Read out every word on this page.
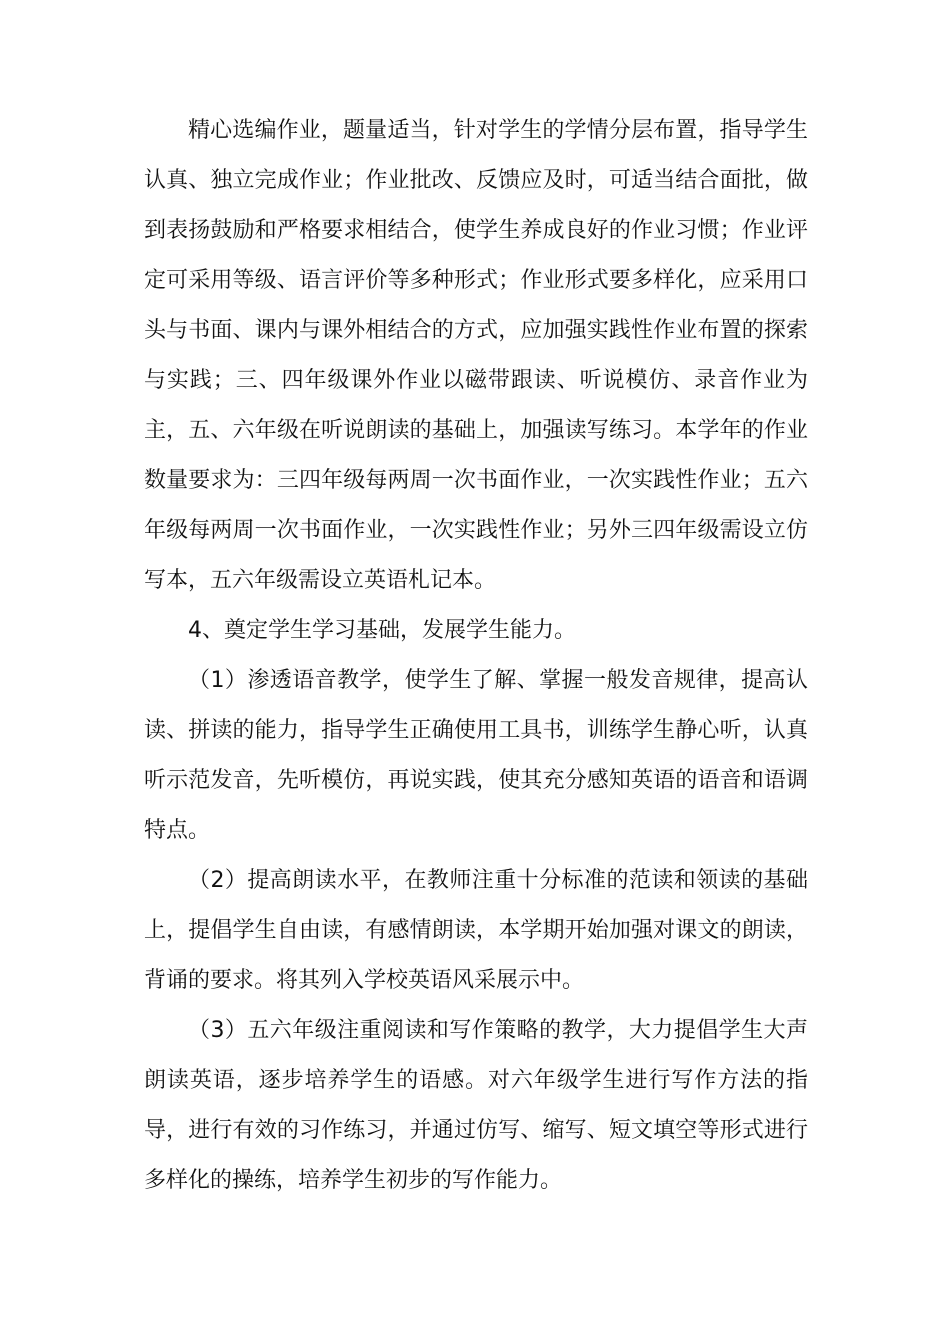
精心选编作业，题量适当，针对学生的学情分层布置，指导学生认真、独立完成作业；作业批改、反馈应及时，可适当结合面批，做到表扬鼓励和严格要求相结合，使学生养成良好的作业习惯；作业评定可采用等级、语言评价等多种形式；作业形式要多样化，应采用口头与书面、课内与课外相结合的方式，应加强实践性作业布置的探索与实践；三、四年级课外作业以磁带跟读、听说模仿、录音作业为主，五、六年级在听说朗读的基础上，加强读写练习。本学年的作业数量要求为：三四年级每两周一次书面作业，一次实践性作业；五六年级每两周一次书面作业，一次实践性作业；另外三四年级需设立仿写本，五六年级需设立英语札记本。

4、奠定学生学习基础，发展学生能力。

（1）渗透语音教学，使学生了解、掌握一般发音规律，提高认读、拼读的能力，指导学生正确使用工具书，训练学生静心听，认真听示范发音，先听模仿，再说实践，使其充分感知英语的语音和语调特点。

（2）提高朗读水平，在教师注重十分标准的范读和领读的基础上，提倡学生自由读，有感情朗读，本学期开始加强对课文的朗读，背诵的要求。将其列入学校英语风采展示中。

（3）五六年级注重阅读和写作策略的教学，大力提倡学生大声朗读英语，逐步培养学生的语感。对六年级学生进行写作方法的指导，进行有效的习作练习，并通过仿写、缩写、短文填空等形式进行多样化的操练，培养学生初步的写作能力。
